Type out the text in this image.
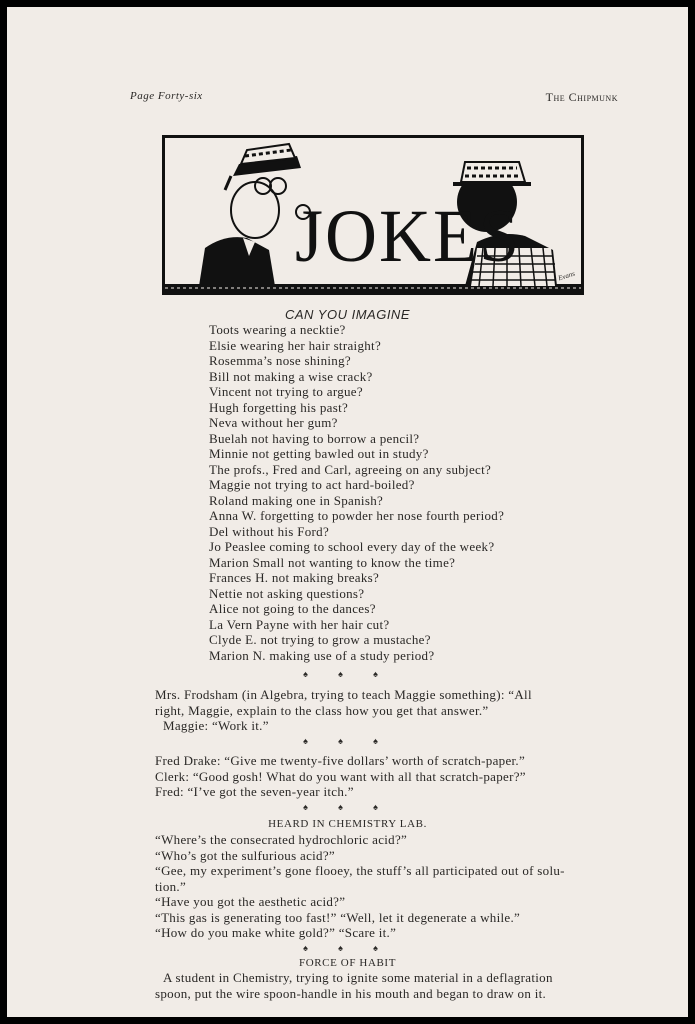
Page Forty-six	The Chipmunk
JOKES	Evans
CAN YOU IMAGINE
Toots wearing a necktie?
Elsie wearing her hair straight?
Rosemma’s nose shining?
Bill not making a wise crack?
Vincent not trying to argue?
Hugh forgetting his past?
Neva without her gum?
Buelah not having to borrow a pencil?
Minnie not getting bawled out in study?
The profs., Fred and Carl, agreeing on any subject?
Maggie not trying to act hard-boiled?
Roland making one in Spanish?
Anna W. forgetting to powder her nose fourth period?
Del without his Ford?
Jo Peaslee coming to school every day of the week?
Marion Small not wanting to know the time?
Frances H. not making breaks?
Nettie not asking questions?
Alice not going to the dances?
La Vern Payne with her hair cut?
Clyde E. not trying to grow a mustache?
Marion N. making use of a study period?
♠ ♠ ♠
Mrs. Frodsham (in Algebra, trying to teach Maggie something): “All
right, Maggie, explain to the class how you get that answer.”
Maggie: “Work it.”
♠ ♠ ♠
Fred Drake: “Give me twenty-five dollars’ worth of scratch-paper.”
Clerk: “Good gosh! What do you want with all that scratch-paper?”
Fred: “I’ve got the seven-year itch.”
♠ ♠ ♠
HEARD IN CHEMISTRY LAB.
“Where’s the consecrated hydrochloric acid?”
“Who’s got the sulfurious acid?”
“Gee, my experiment’s gone flooey, the stuff’s all participated out of solu-
tion.”
“Have you got the aesthetic acid?”
“This gas is generating too fast!” “Well, let it degenerate a while.”
“How do you make white gold?” “Scare it.”
♠ ♠ ♠
FORCE OF HABIT
A student in Chemistry, trying to ignite some material in a deflagration
spoon, put the wire spoon-handle in his mouth and began to draw on it.
